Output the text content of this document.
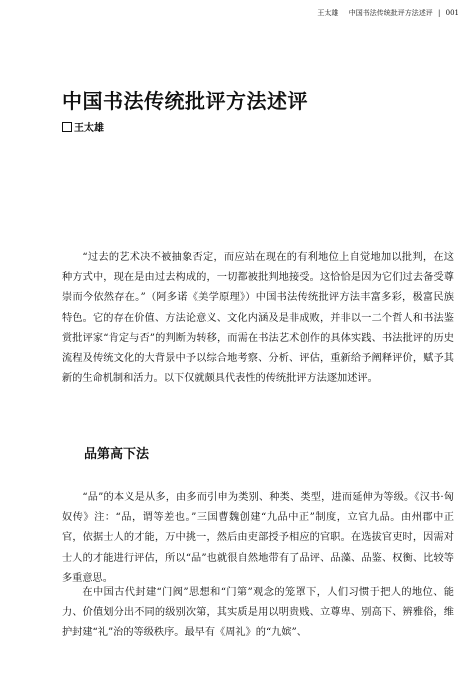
王太雄 中国书法传统批评方法述评 | 001
中国书法传统批评方法述评
王太雄
“过去的艺术决不被抽象否定，而应站在现在的有利地位上自觉地加以批判，在这种方式中，现在是由过去构成的，一切都被批判地接受。这恰恰是因为它们过去备受尊崇而今依然存在。”（阿多诺《美学原理》）中国书法传统批评方法丰富多彩，极富民族特色。它的存在价值、方法论意义、文化内涵及是非成败，并非以一二个哲人和书法鉴赏批评家“肯定与否”的判断为转移，而需在书法艺术创作的具体实践、书法批评的历史流程及传统文化的大背景中予以综合地考察、分析、评估，重新给予阐释评价，赋予其新的生命机制和活力。以下仅就颇具代表性的传统批评方法逐加述评。
品第高下法
“品”的本义是从多，由多而引申为类别、种类、类型，进而延伸为等级。《汉书·匈奴传》注：“品，谓等差也。”三国曹魏创建“九品中正”制度，立官九品。由州郡中正官，依据士人的才能，万中挑一，然后由吏部授予相应的官职。在选拔官吏时，因需对士人的才能进行评估，所以“品”也就很自然地带有了品评、品藻、品鉴、权衡、比较等多重意思。
在中国古代封建“门阀”思想和“门第”观念的笼罩下，人们习惯于把人的地位、能力、价值划分出不同的级别次第，其实质是用以明贵贱、立尊卑、别高下、辨雅俗，维护封建“礼”治的等级秩序。最早有《周礼》的“九嫔”、
